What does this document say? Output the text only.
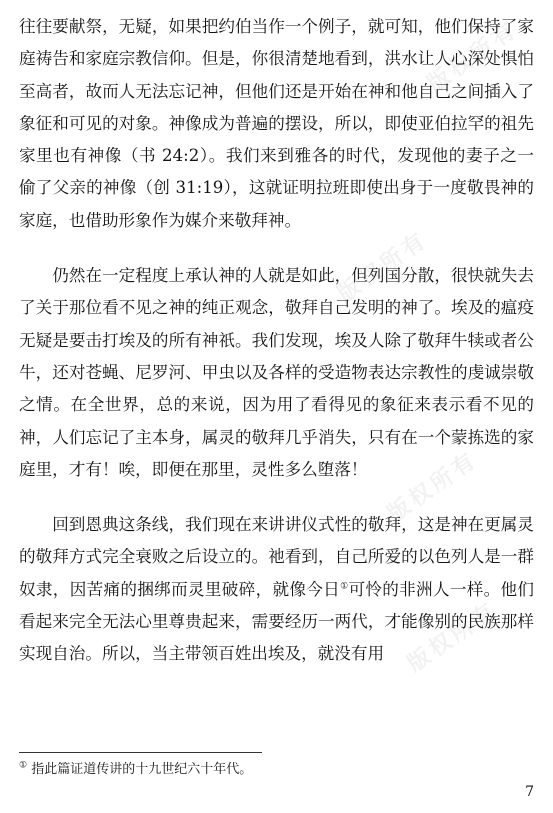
版权所有
版权所有
版权所有
版权所有

往往要献祭，无疑，如果把约伯当作一个例子，就可知，他们保持了家庭祷告和家庭宗教信仰。但是，你很清楚地看到，洪水让人心深处惧怕至高者，故而人无法忘记神，但他们还是开始在神和他自己之间插入了象征和可见的对象。神像成为普遍的摆设，所以，即使亚伯拉罕的祖先家里也有神像（书 24:2）。我们来到雅各的时代，发现他的妻子之一偷了父亲的神像（创 31:19），这就证明拉班即使出身于一度敬畏神的家庭，也借助形象作为媒介来敬拜神。

仍然在一定程度上承认神的人就是如此，但列国分散，很快就失去了关于那位看不见之神的纯正观念，敬拜自己发明的神了。埃及的瘟疫无疑是要击打埃及的所有神祇。我们发现，埃及人除了敬拜牛犊或者公牛，还对苍蝇、尼罗河、甲虫以及各样的受造物表达宗教性的虔诚崇敬之情。在全世界，总的来说，因为用了看得见的象征来表示看不见的神，人们忘记了主本身，属灵的敬拜几乎消失，只有在一个蒙拣选的家庭里，才有！唉，即便在那里，灵性多么堕落！

回到恩典这条线，我们现在来讲讲仪式性的敬拜，这是神在更属灵的敬拜方式完全衰败之后设立的。祂看到，自己所爱的以色列人是一群奴隶，因苦痛的捆绑而灵里破碎，就像今日①可怜的非洲人一样。他们看起来完全无法心里尊贵起来，需要经历一两代，才能像别的民族那样实现自治。所以，当主带领百姓出埃及，就没有用

① 指此篇证道传讲的十九世纪六十年代。
7
